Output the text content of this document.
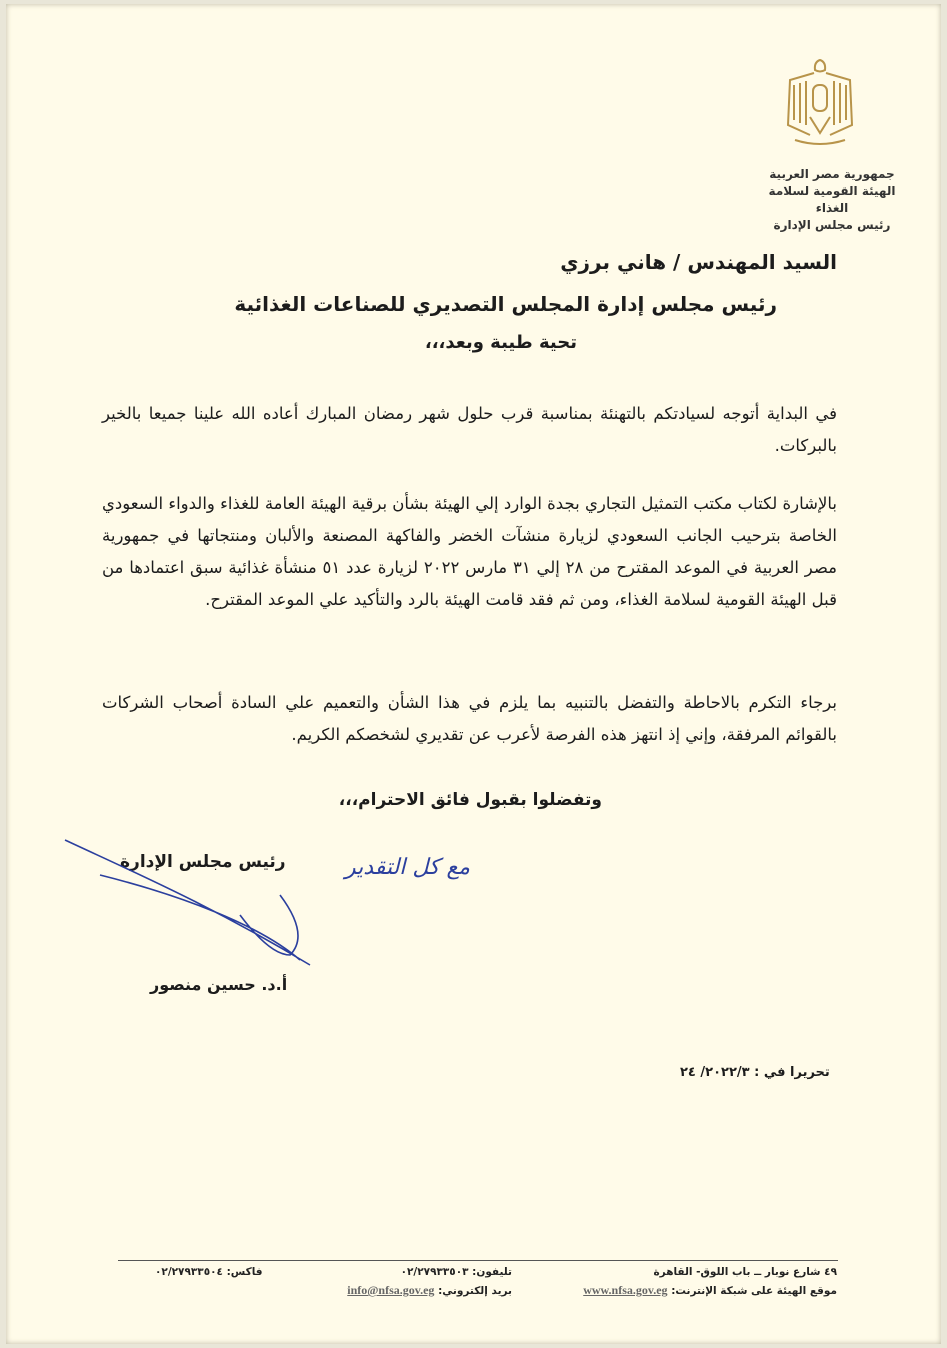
جمهورية مصر العربية
الهيئة القومية لسلامة الغذاء
رئيس مجلس الإدارة
السيد المهندس / هاني برزي
رئيس مجلس إدارة المجلس التصديري للصناعات الغذائية
تحية طيبة وبعد،،،
في البداية أتوجه لسيادتكم بالتهنئة بمناسبة قرب حلول شهر رمضان المبارك أعاده الله علينا جميعا بالخير بالبركات.
بالإشارة لكتاب مكتب التمثيل التجاري بجدة الوارد إلي الهيئة بشأن برقية الهيئة العامة للغذاء والدواء السعودي الخاصة بترحيب الجانب السعودي لزيارة منشآت الخضر والفاكهة المصنعة والألبان ومنتجاتها في جمهورية مصر العربية في الموعد المقترح من ٢٨ إلي ٣١ مارس ٢٠٢٢ لزيارة عدد ٥١ منشأة غذائية سبق اعتمادها من قبل الهيئة القومية لسلامة الغذاء، ومن ثم فقد قامت الهيئة بالرد والتأكيد علي الموعد المقترح.
برجاء التكرم بالاحاطة والتفضل بالتنبيه بما يلزم في هذا الشأن والتعميم علي السادة أصحاب الشركات بالقوائم المرفقة، وإني إذ انتهز هذه الفرصة لأعرب عن تقديري لشخصكم الكريم.
وتفضلوا بقبول فائق الاحترام،،،
مع كل التقدير
رئيس مجلس الإدارة
أ.د. حسين منصور
تحريرا في : ٢٠٢٢/٣/ ٢٤
٤٩ شارع نوبار ــ باب اللوق- القاهرة
موقع الهيئة على شبكة الإنترنت: www.nfsa.gov.eg
تليفون: ٠٢/٢٧٩٣٣٥٠٣
بريد إلكتروني: info@nfsa.gov.eg
فاكس: ٠٢/٢٧٩٣٣٥٠٤
